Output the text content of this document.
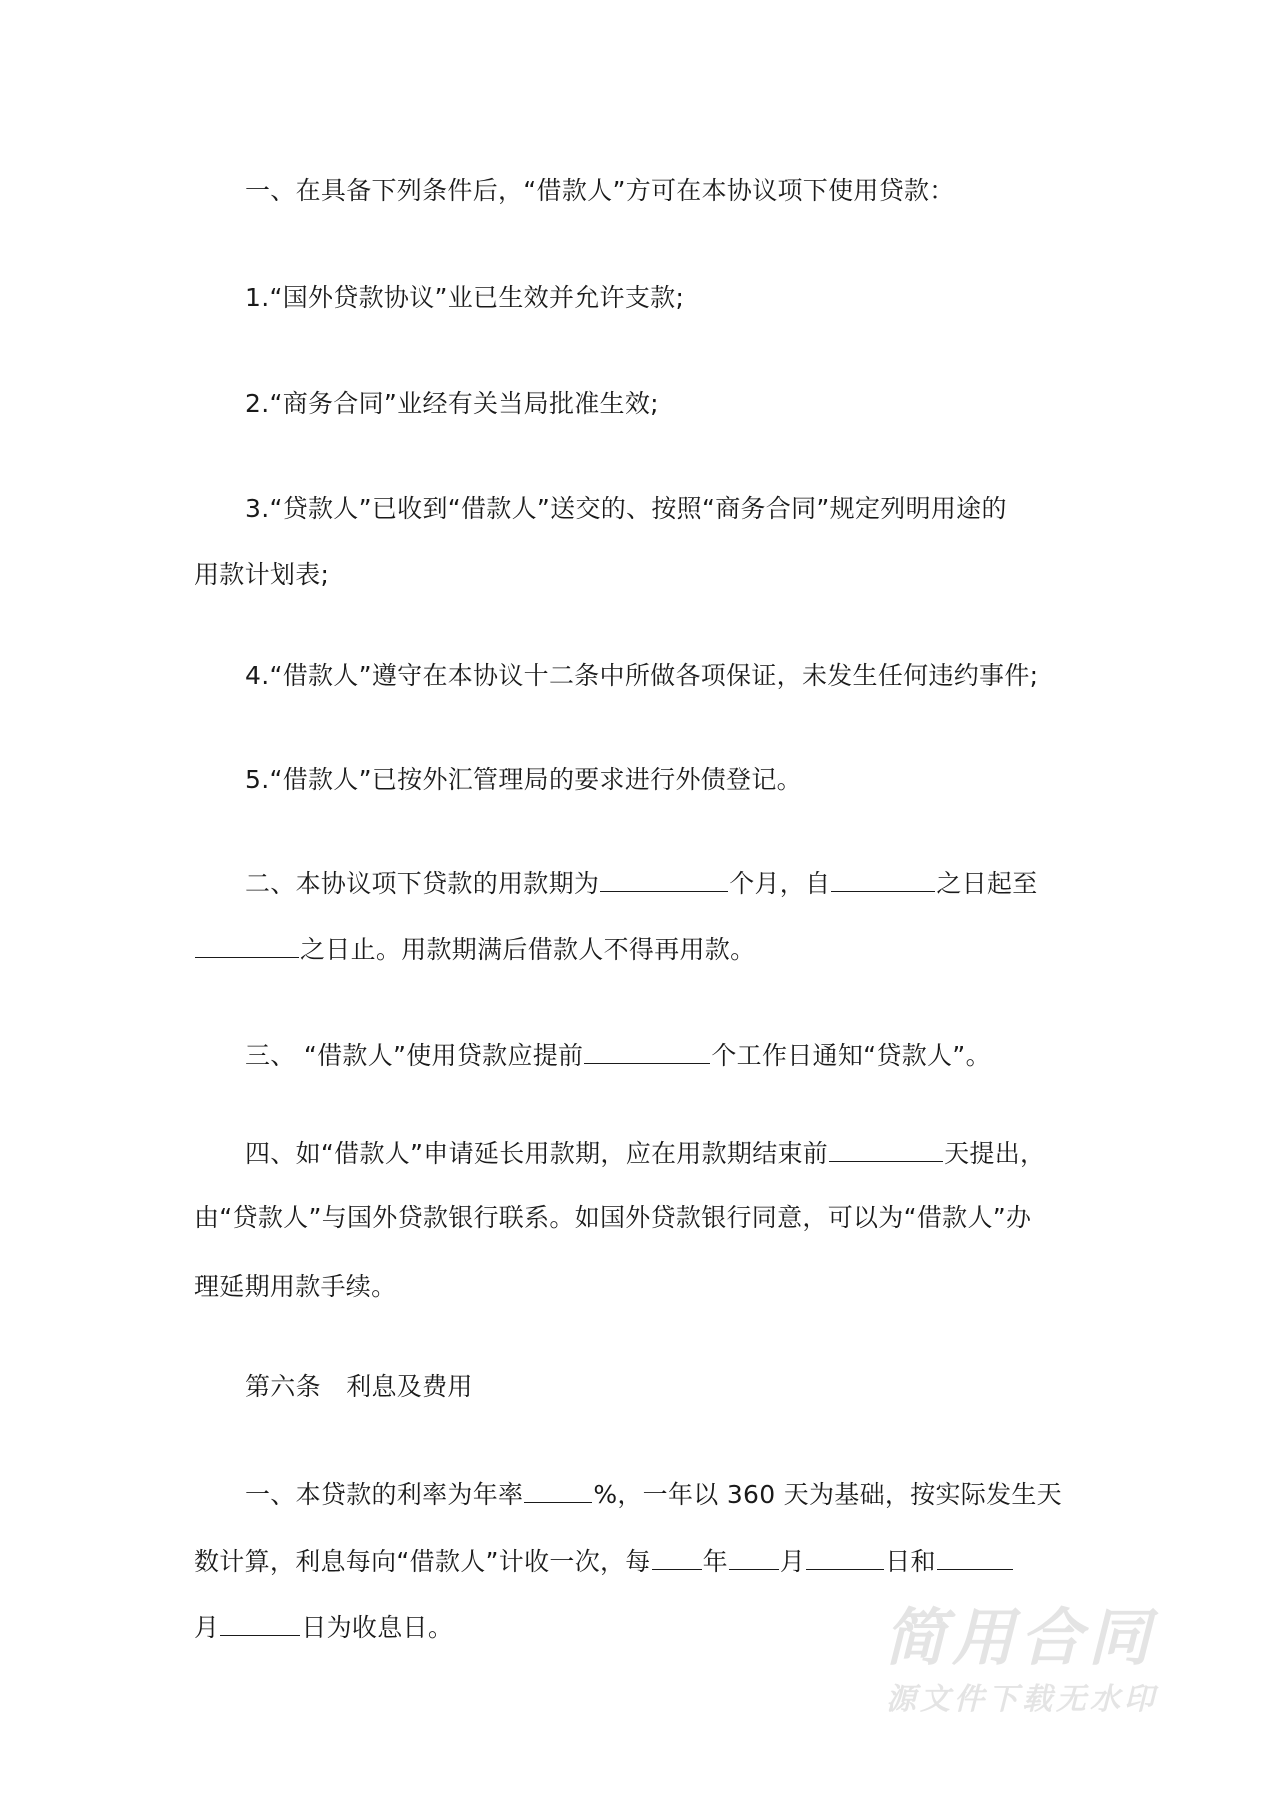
一、在具备下列条件后，“借款人”方可在本协议项下使用贷款：
1.“国外贷款协议”业已生效并允许支款;
2.“商务合同”业经有关当局批准生效;
3.“贷款人”已收到“借款人”送交的、按照“商务合同”规定列明用途的
用款计划表;
4.“借款人”遵守在本协议十二条中所做各项保证，未发生任何违约事件;
5.“借款人”已按外汇管理局的要求进行外债登记。
二、本协议项下贷款的用款期为	个月，自	之日起至
之日止。用款期满后借款人不得再用款。
三、 “借款人”使用贷款应提前	个工作日通知“贷款人”。
四、如“借款人”申请延长用款期，应在用款期结束前	天提出，
由“贷款人”与国外贷款银行联系。如国外贷款银行同意，可以为“借款人”办
理延期用款手续。
第六条　利息及费用
一、本贷款的利率为年率	%，一年以 360 天为基础，按实际发生天
数计算，利息每向“借款人”计收一次，每 年 月	日和
月	日为收息日。	简用合同
源文件下载无水印
